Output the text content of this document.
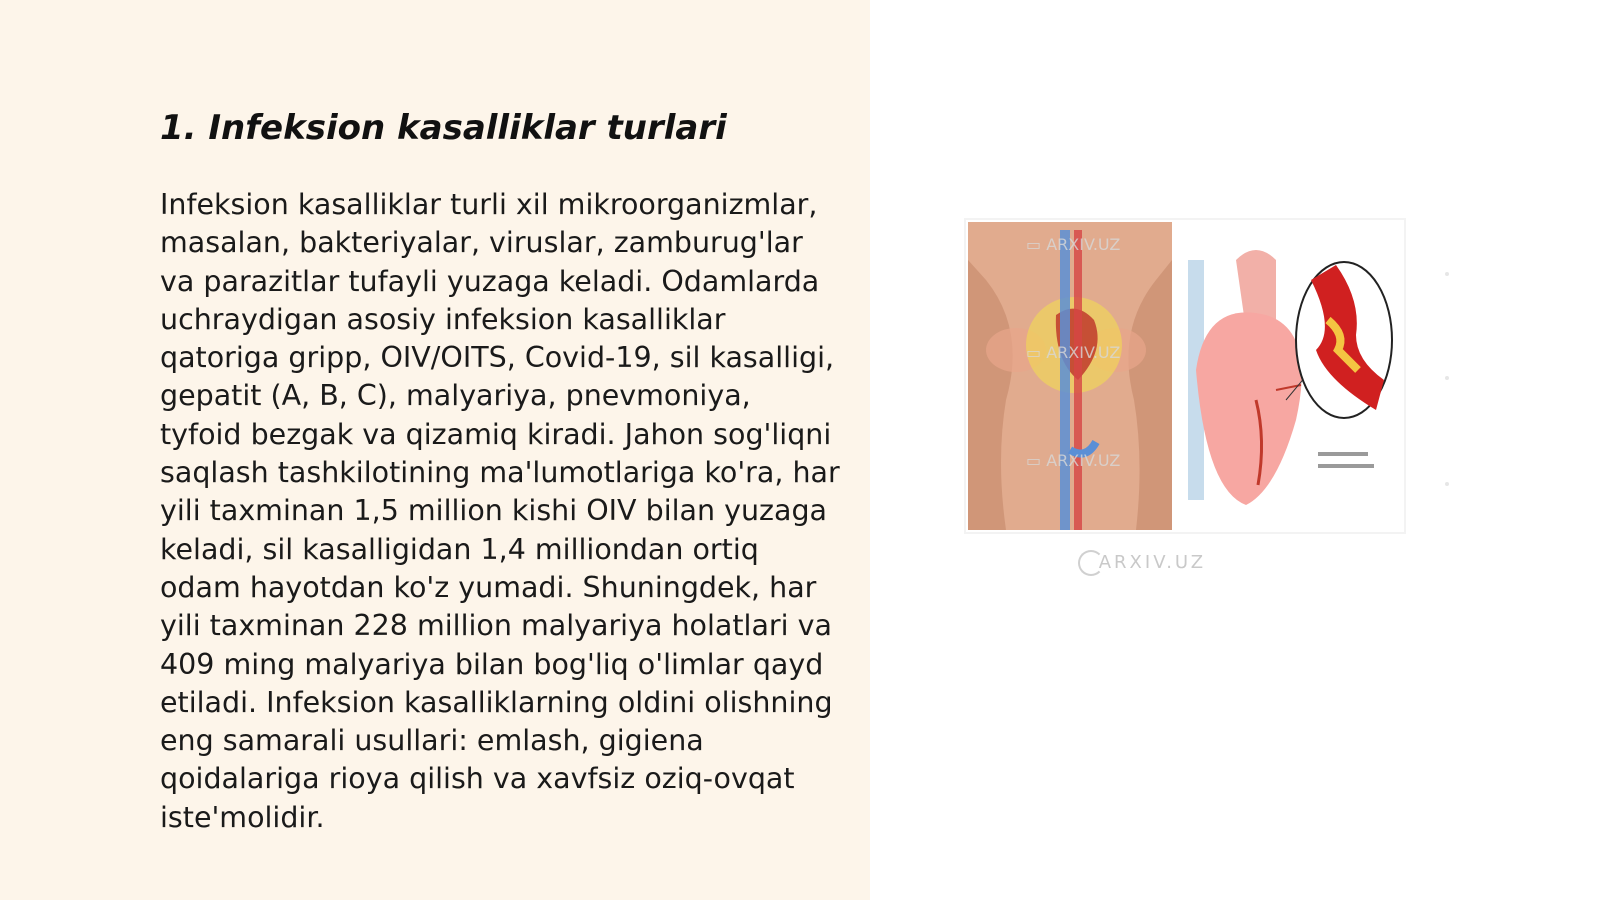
1. Infeksion kasalliklar turlari

Infeksion kasalliklar turli xil mikroorganizmlar, masalan, bakteriyalar, viruslar, zamburug'lar va parazitlar tufayli yuzaga keladi. Odamlarda uchraydigan asosiy infeksion kasalliklar qatoriga gripp, OIV/OITS, Covid-19, sil kasalligi, gepatit (A, B, C), malyariya, pnevmoniya, tyfoid bezgak va qizamiq kiradi. Jahon sog'liqni saqlash tashkilotining ma'lumotlariga ko'ra, har yili taxminan 1,5 million kishi OIV bilan yuzaga keladi, sil kasalligidan 1,4 milliondan ortiq odam hayotdan ko'z yumadi. Shuningdek, har yili taxminan 228 million malyariya holatlari va 409 ming malyariya bilan bog'liq o'limlar qayd etiladi. Infeksion kasalliklarning oldini olishning eng samarali usullari: emlash, gigiena qoidalariga rioya qilish va xavfsiz oziq-ovqat iste'molidir.

▭ ARXIV.UZ
▭ ARXIV.UZ
▭ ARXIV.UZ
ARXIV.UZ
